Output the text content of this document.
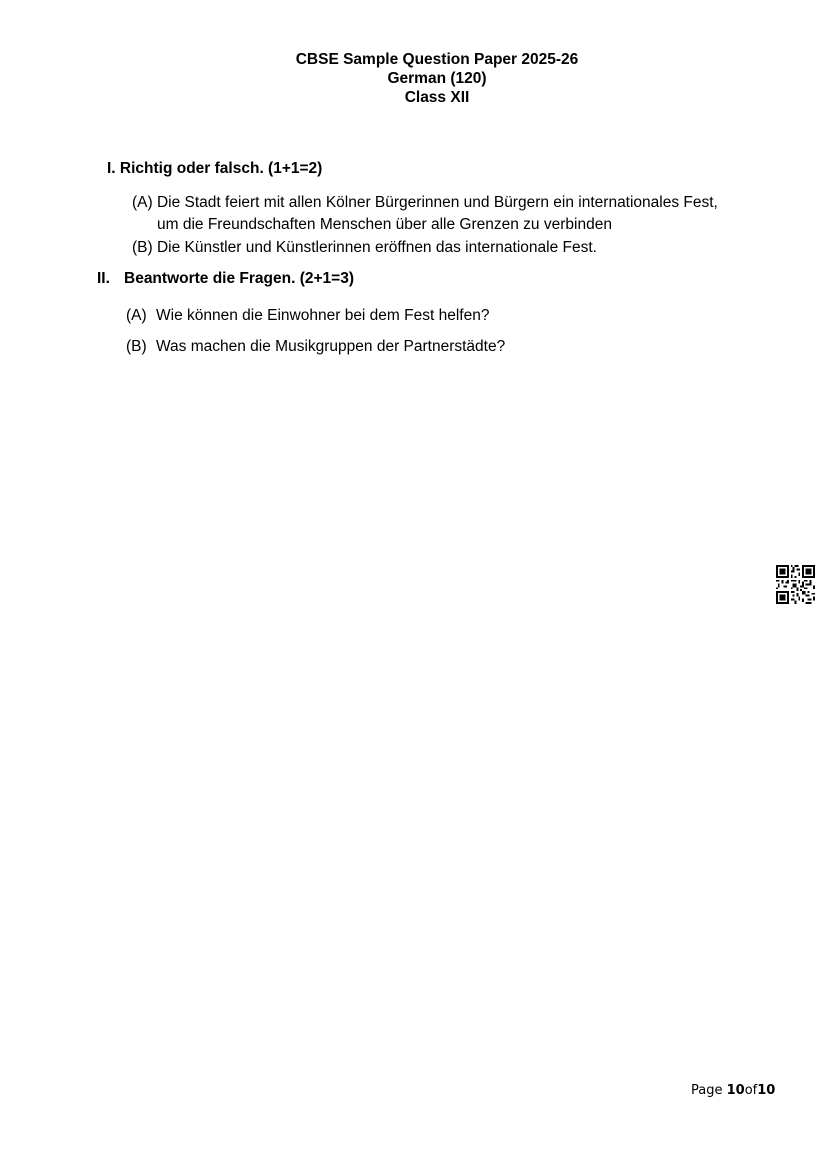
CBSE Sample Question Paper 2025-26
German (120)
Class XII
I. Richtig oder falsch. (1+1=2)
(A) Die Stadt feiert mit allen Kölner Bürgerinnen und Bürgern ein internationales Fest,
um die Freundschaften Menschen über alle Grenzen zu verbinden
(B) Die Künstler und Künstlerinnen eröffnen das internationale Fest.
II. Beantworte die Fragen. (2+1=3)
(A) Wie können die Einwohner bei dem Fest helfen?
(B) Was machen die Musikgruppen der Partnerstädte?
Page 10of10
